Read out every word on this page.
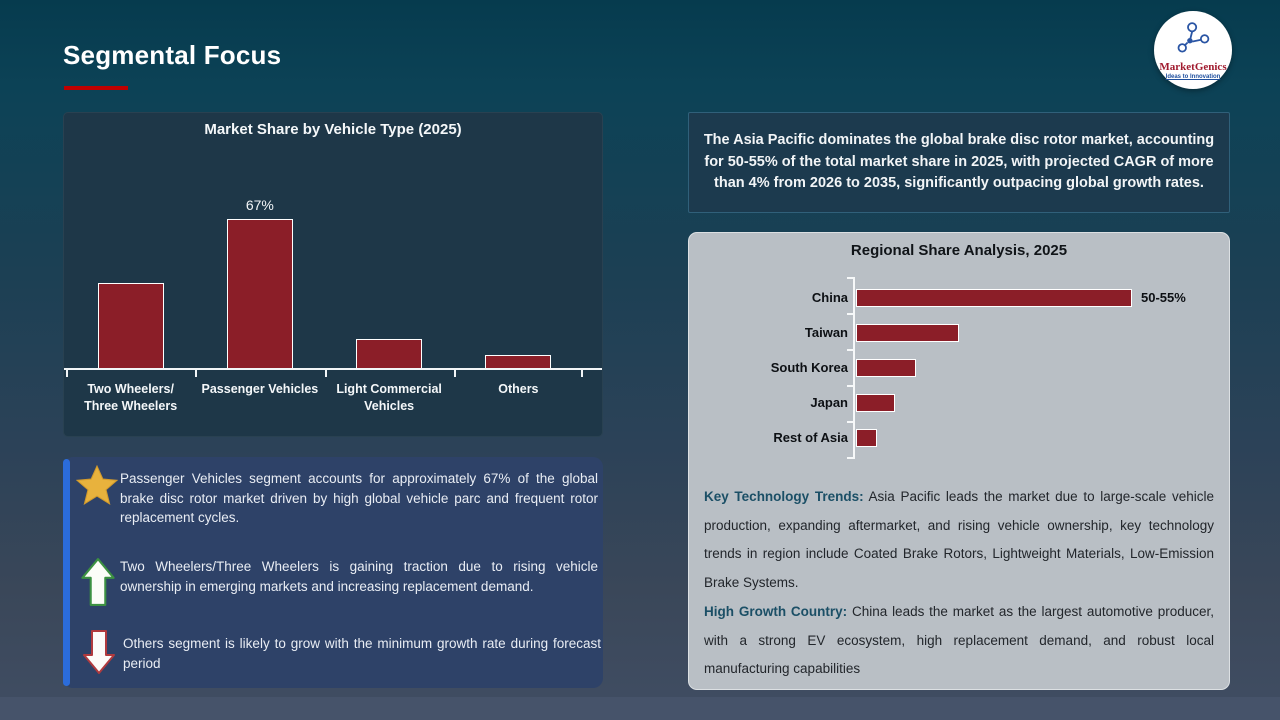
Segmental Focus	MarketGenics
Ideas to Innovation
Market Share by Vehicle Type (2025)
67%
Two Wheelers/ Three Wheelers
Passenger Vehicles	Light Commercial Vehicles
Others
The Asia Pacific dominates the global brake disc rotor market, accounting for 50-55% of the total market share in 2025, with projected CAGR of more than 4% from 2026 to 2035, significantly outpacing global growth rates.
Regional Share Analysis, 2025
China	50-55%
Taiwan
South Korea
Japan
Rest of Asia

Key Technology Trends: Asia Pacific leads the market due to large-scale vehicle production, expanding aftermarket, and rising vehicle ownership, key technology trends in region include Coated Brake Rotors, Lightweight Materials, Low-Emission Brake Systems.

High Growth Country: China leads the market as the largest automotive producer, with a strong EV ecosystem, high replacement demand, and robust local manufacturing capabilities

Passenger Vehicles segment accounts for approximately 67% of the global brake disc rotor market driven by high global vehicle parc and frequent rotor replacement cycles.
Two Wheelers/Three Wheelers is gaining traction due to rising vehicle ownership in emerging markets and increasing replacement demand.
Others segment is likely to grow with the minimum growth rate during forecast period
